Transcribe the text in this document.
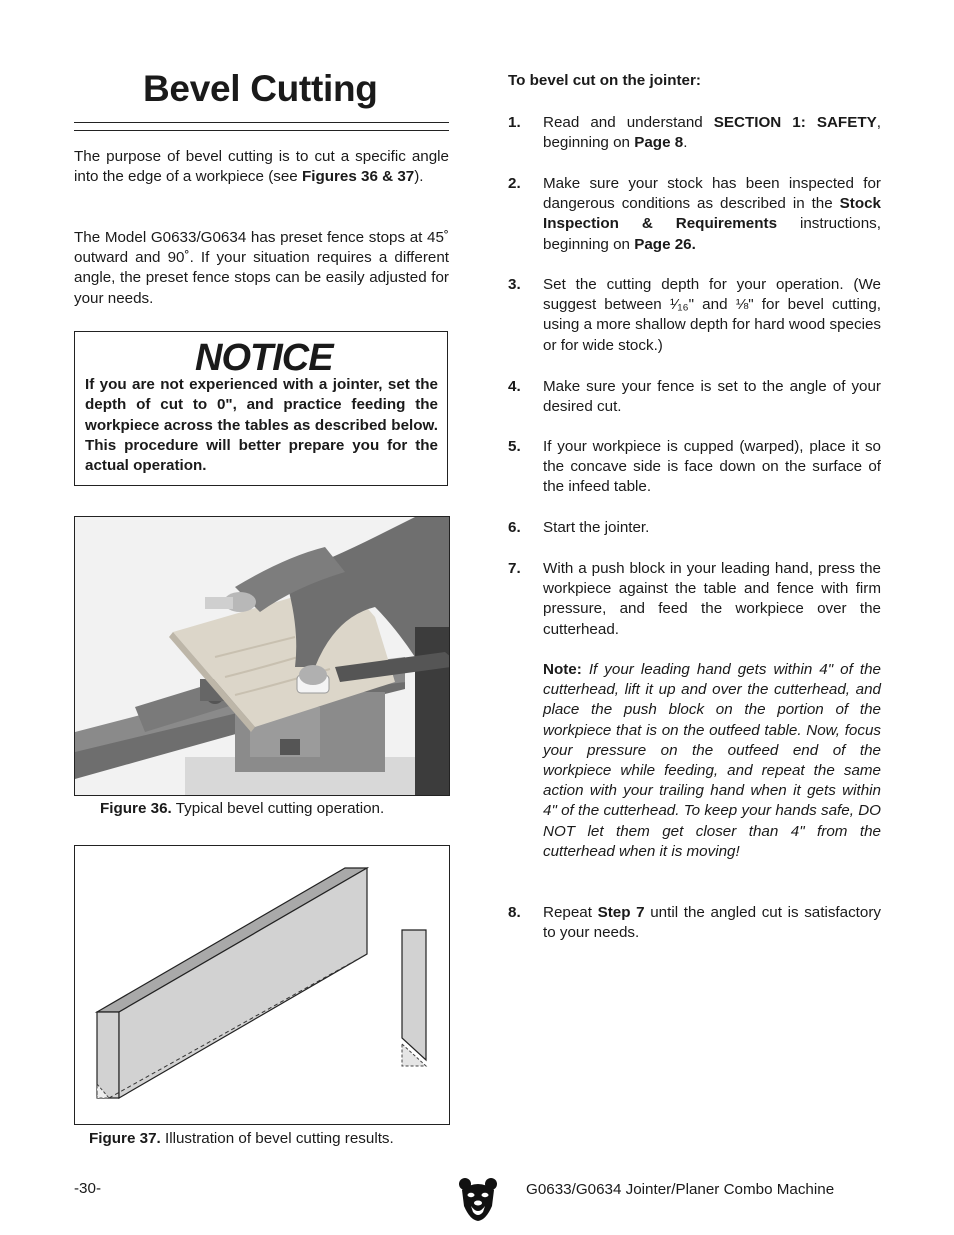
Bevel Cutting
The purpose of bevel cutting is to cut a specific angle into the edge of a workpiece (see Figures 36 & 37).
The Model G0633/G0634 has preset fence stops at 45˚ outward and 90˚. If your situation requires a different angle, the preset fence stops can be easily adjusted for your needs.
NOTICE
If you are not experienced with a jointer, set the depth of cut to 0", and practice feeding the workpiece across the tables as described below. This procedure will better prepare you for the actual operation.
Figure 36. Typical bevel cutting operation.
Figure 37. Illustration of bevel cutting results.
To bevel cut on the jointer:
1. Read and understand SECTION 1: SAFETY, beginning on Page 8.
2. Make sure your stock has been inspected for dangerous conditions as described in the Stock Inspection & Requirements instructions, beginning on Page 26.
3. Set the cutting depth for your operation. (We suggest between ¹⁄₁₆" and ⅛" for bevel cutting, using a more shallow depth for hard wood species or for wide stock.)
4. Make sure your fence is set to the angle of your desired cut.
5. If your workpiece is cupped (warped), place it so the concave side is face down on the surface of the infeed table.
6. Start the jointer.
7. With a push block in your leading hand, press the workpiece against the table and fence with firm pressure, and feed the workpiece over the cutterhead.
Note: If your leading hand gets within 4" of the cutterhead, lift it up and over the cutterhead, and place the push block on the portion of the workpiece that is on the outfeed table. Now, focus your pressure on the outfeed end of the workpiece while feeding, and repeat the same action with your trailing hand when it gets within 4" of the cutterhead. To keep your hands safe, DO NOT let them get closer than 4" from the cutterhead when it is moving!
8. Repeat Step 7 until the angled cut is satisfactory to your needs.
-30-	G0633/G0634 Jointer/Planer Combo Machine
